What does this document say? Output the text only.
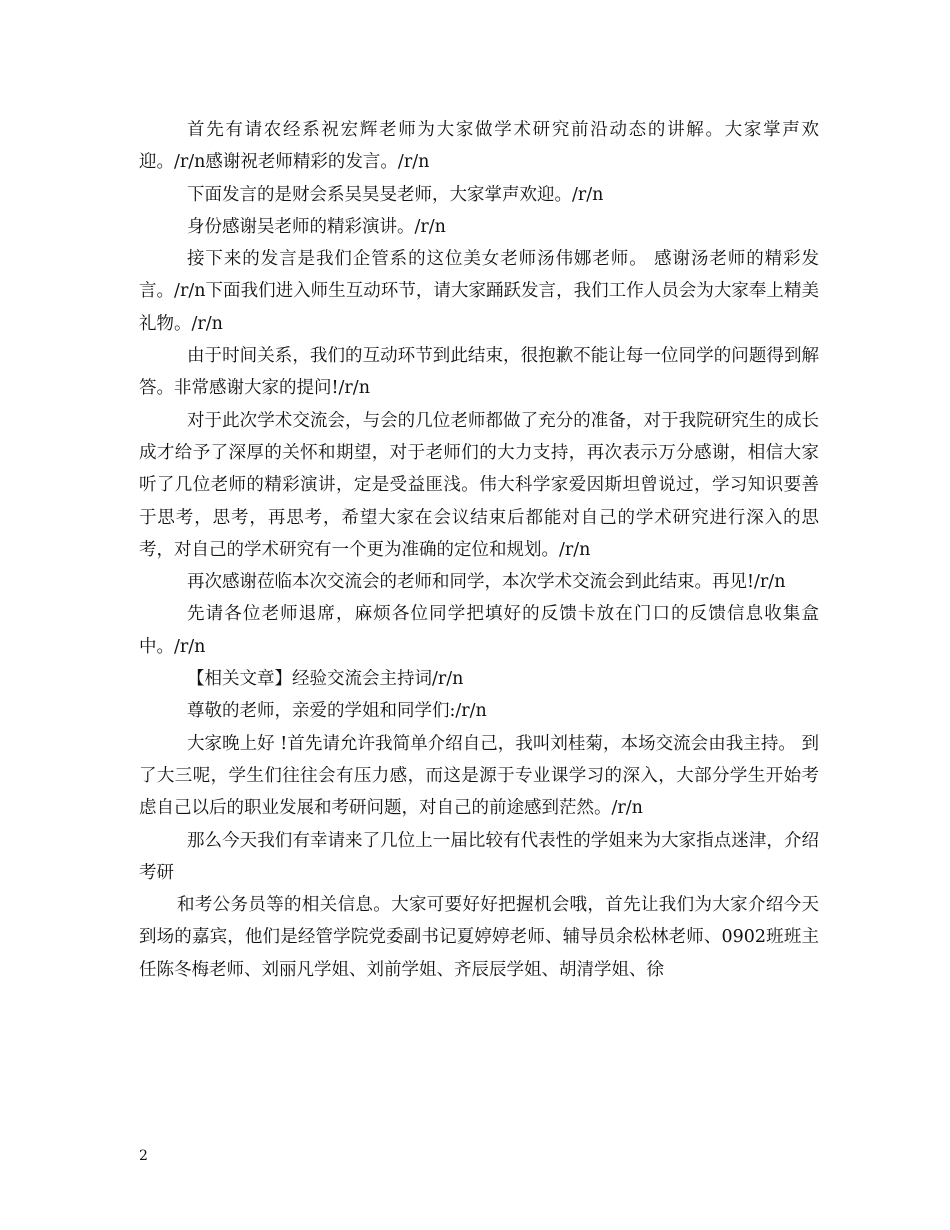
首先有请农经系祝宏辉老师为大家做学术研究前沿动态的讲解。大家掌声欢迎。/r/n感谢祝老师精彩的发言。/r/n

下面发言的是财会系吴昊旻老师，大家掌声欢迎。/r/n

身份感谢吴老师的精彩演讲。/r/n

接下来的发言是我们企管系的这位美女老师汤伟娜老师。 感谢汤老师的精彩发言。/r/n下面我们进入师生互动环节，请大家踊跃发言，我们工作人员会为大家奉上精美礼物。/r/n

由于时间关系，我们的互动环节到此结束，很抱歉不能让每一位同学的问题得到解答。非常感谢大家的提问!/r/n

对于此次学术交流会，与会的几位老师都做了充分的准备，对于我院研究生的成长成才给予了深厚的关怀和期望，对于老师们的大力支持，再次表示万分感谢，相信大家听了几位老师的精彩演讲，定是受益匪浅。伟大科学家爱因斯坦曾说过，学习知识要善于思考，思考，再思考，希望大家在会议结束后都能对自己的学术研究进行深入的思考，对自己的学术研究有一个更为准确的定位和规划。/r/n

再次感谢莅临本次交流会的老师和同学，本次学术交流会到此结束。再见!/r/n

先请各位老师退席，麻烦各位同学把填好的反馈卡放在门口的反馈信息收集盒中。/r/n

【相关文章】经验交流会主持词/r/n

尊敬的老师，亲爱的学姐和同学们:/r/n

大家晚上好 !首先请允许我简单介绍自己，我叫刘桂菊，本场交流会由我主持。 到了大三呢，学生们往往会有压力感，而这是源于专业课学习的深入，大部分学生开始考虑自己以后的职业发展和考研问题，对自己的前途感到茫然。/r/n

那么今天我们有幸请来了几位上一届比较有代表性的学姐来为大家指点迷津，介绍考研

和考公务员等的相关信息。大家可要好好把握机会哦，首先让我们为大家介绍今天到场的嘉宾，他们是经管学院党委副书记夏婷婷老师、辅导员余松林老师、0902班班主任陈冬梅老师、刘丽凡学姐、刘前学姐、齐辰辰学姐、胡清学姐、徐

2
